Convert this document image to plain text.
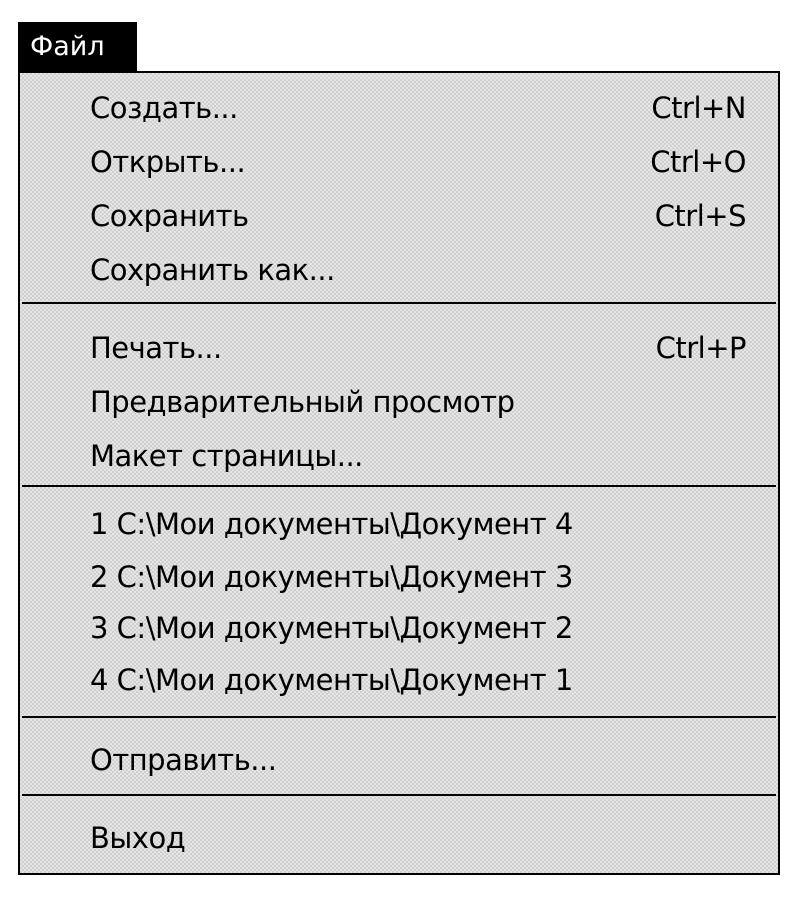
Файл
Создать...	Ctrl+N
Открыть...	Ctrl+O
Сохранить	Ctrl+S
Сохранить как...
Печать...	Ctrl+P
Предварительный просмотр
Макет страницы...
1 C:\Мои документы\Документ 4
2 C:\Мои документы\Документ 3
3 C:\Мои документы\Документ 2
4 C:\Мои документы\Документ 1
Отправить...
Выход
